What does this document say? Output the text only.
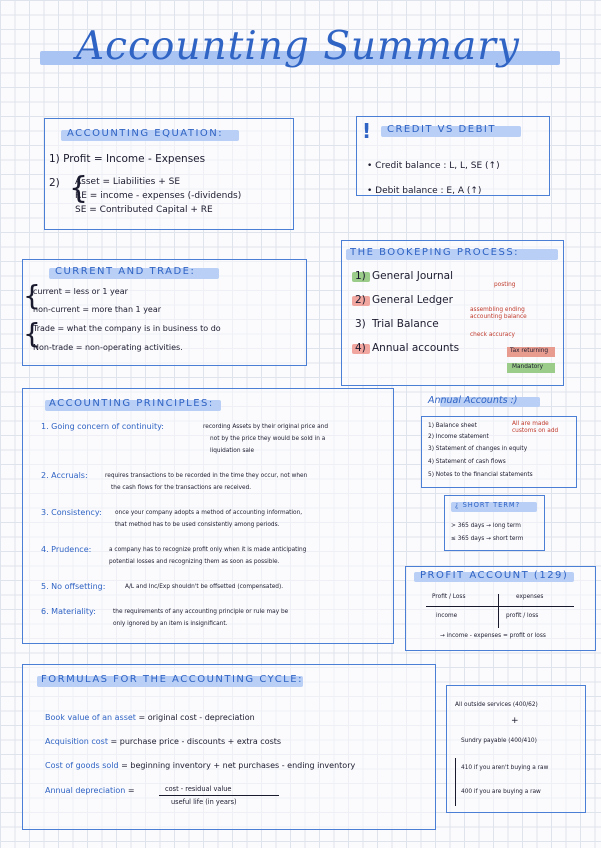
Accounting Summary
ACCOUNTING EQUATION:
1) Profit = Income - Expenses
2) {
Asset = Liabilities + SE
RE = income - expenses (-dividends)
SE = Contributed Capital + RE
! CREDIT VS DEBIT
• Credit balance : L, L, SE (↑)
• Debit balance : E, A (↑)
CURRENT AND TRADE:
{
current = less or 1 year
non-current = more than 1 year
{
Trade = what the company is in business to do
Non-trade = non-operating activities.
THE BOOKEPING PROCESS:
1) General Journal
2) General Ledger
3) Trial Balance
4) Annual accounts
posting
assembling ending accounting balance
check accuracy
Tax returning
Mandatory
Annual Accounts :)
1) Balance sheet
2) Income statement
3) Statement of changes in equity
4) Statement of cash flows
5) Notes to the financial statements
All are made customs on add
ACCOUNTING PRINCIPLES:
1. Going concern of continuity:	recording Assets by their original price and
not by the price they would be sold in a
liquidation sale
2. Accruals:	requires transactions to be recorded in the time they occur, not when
the cash flows for the transactions are received.
3. Consistency: once your company adopts a method of accounting information,
that method has to be used consistently among periods.
4. Prudence:	a company has to recognize profit only when it is made anticipating
potential losses and recognizing them as soon as possible.
5. No offsetting:	A/L and Inc/Exp shouldn't be offsetted (compensated).
6. Materiality:	the requirements of any accounting principle or rule may be
only ignored by an item is insignificant.
¿ SHORT TERM?
> 365 days → long term
≤ 365 days → short term
PROFIT ACCOUNT (129)
Profit / Loss	expenses
income	profit / loss
→ income - expenses = profit or loss
FORMULAS FOR THE ACCOUNTING CYCLE:
Book value of an asset = original cost - depreciation
Acquisition cost = purchase price - discounts + extra costs
Cost of goods sold = beginning inventory + net purchases - ending inventory
Annual depreciation =	cost - residual value
useful life (in years)
All outside services (400/62)
+
Sundry payable (400/410)
410 if you aren't buying a raw
400 if you are buying a raw
